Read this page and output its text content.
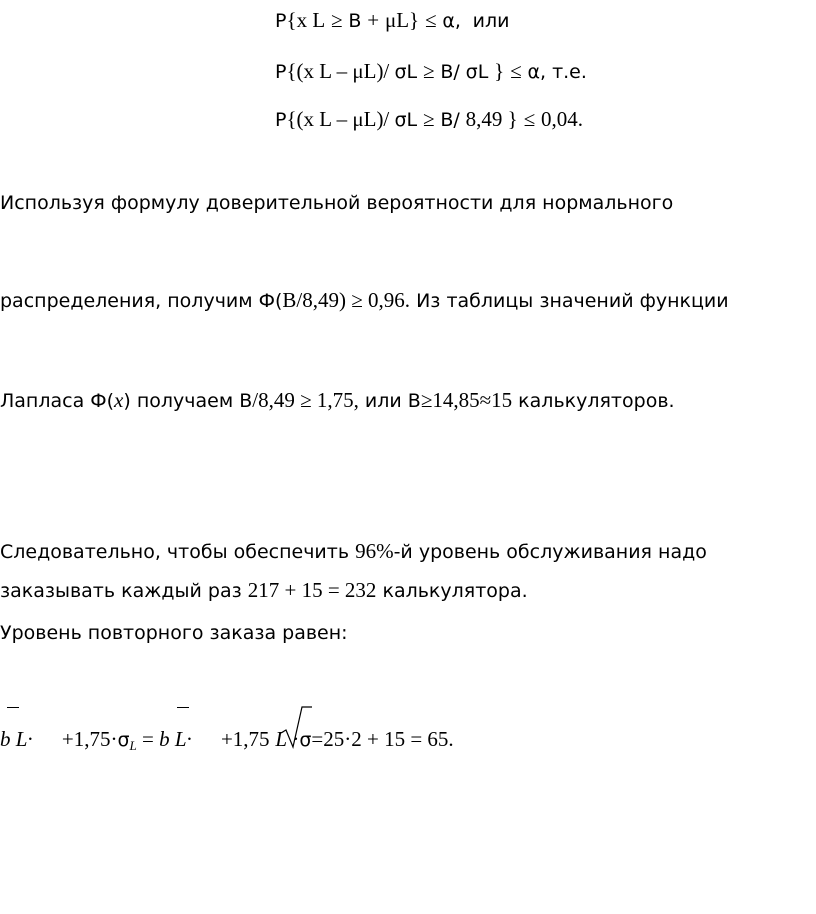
P{x L ≥ B + μL} ≤ α, или
P{(x L – μL)/ σL ≥ B/ σL } ≤ α, т.е.
P{(x L – μL)/ σL ≥ B/ 8,49 } ≤ 0,04.
Используя формулу доверительной вероятности для нормального
распределения, получим Ф(B/8,49) ≥ 0,96. Из таблицы значений функции
Лапласа Ф(x) получаем B/8,49 ≥ 1,75, или B≥14,85≈15 калькуляторов.
Следовательно, чтобы обеспечить 96%-й уровень обслуживания надо
заказывать каждый раз 217 + 15 = 232 калькулятора.
Уровень повторного заказа равен:
b $L\cdot +1,75\cdot\sigma_L = b$ L· +1,75 L ·σ=25·2 + 15 = 65.
